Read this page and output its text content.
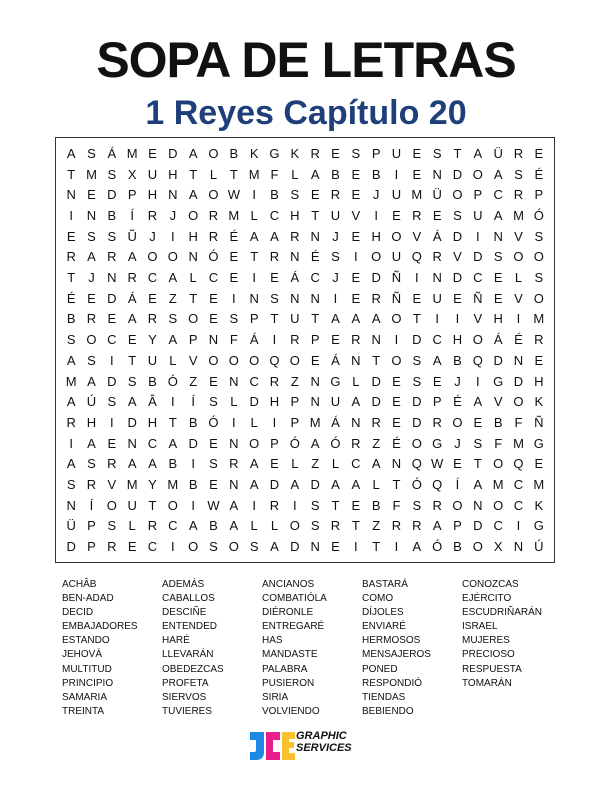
SOPA DE LETRAS
1 Reyes Capítulo 20
A S Á M E D A O B K G K R E S P U E S T A Ü R E
T M S X U H T L T M F L A B E B	I	E N D O A S É
N E D P H N A O W I	B S E R E J U M Ü O P C R P
I	N B	Í	R J O R M L C H T U V	I	E R E S U A M Ó
E S S Ũ J	I	H R É A A R N J E H O V Á D	I	N V S
R A R A O O N Ó E T R N É S	I	O U Q R V D S O O
T	J N R C A L C E	I	E Á C J E D Ñ	I	N D C E L S
É E D Á E Z T E	I	N S N N	I	E R Ñ E U E Ñ E V O
B R E A R S O E S P T U T A A A O T	I	I	V H	I	M
S O C E Y A P N F Á	I	R P E R N	I	D C H O Á É R
A S	I	T U L V O O O Q O E Á N T O S A B Q D N E
M A D S B Ó Z E N C R Z N G L D E S E J	I	G D H
A Ú S A Â	I	Í	S L D H P N U A D E D P É A V O K
R H	I	D H T B Ó	I	L	I	P M Á N R E D R O E B F Ñ
I	A E N C A D E N O P Ó A Ó R Z É O G J S F M G
A S R A A B	I	S R A E L Z L C A N Q W E T O Q E
S R V M Y M B E N A D A D A A L T Ó Q	Í	A M C M
N	Í	O U T O	I W A	I	R	I	S T E B F S R O N O C K
Ü P S L R C A B A L	L O S R T Z R R A P D C	I	G
D P R E C	I	O S O S A D N E	I	T	I	A Ó B O X N Ú
ACHÂB
BEN-ADAD
DECID
EMBAJADORES
ESTANDO
JEHOVÁ
MULTITUD
PRINCIPIO
SAMARIA
TREINTA
ADEMÁS
CABALLOS
DESCIÑE
ENTENDED
HARÉ
LLEVARÁN
OBEDEZCAS
PROFETA
SIERVOS
TUVIERES
ANCIANOS
COMBATIÓLA
DIÉRONLE
ENTREGARÉ
HAS
MANDASTE
PALABRA
PUSIERON
SIRIA
VOLVIENDO
BASTARÁ
COMO
DÍJOLES
ENVIARÉ
HERMOSOS
MENSAJEROS
PONED
RESPONDIÓ
TIENDAS
BEBIENDO
CONOZCAS
EJÉRCITO
ESCUDRIÑARÁN
ISRAEL
MUJERES
PRECIOSO
RESPUESTA
TOMARÁN
GRAPHIC
SERVICES
